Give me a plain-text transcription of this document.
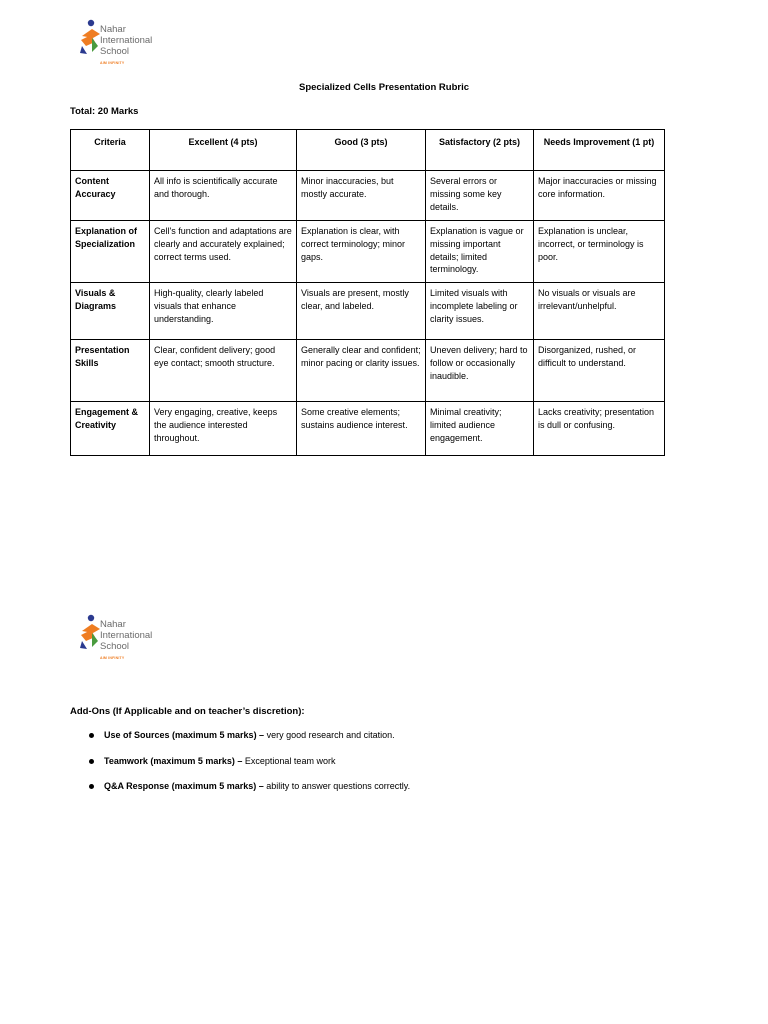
Nahar
International
School
AIM INFINITY
Specialized Cells Presentation Rubric
Total: 20 Marks
Criteria	Excellent (4 pts)	Good (3 pts)	Satisfactory (2 pts)	Needs Improvement (1 pt)
Content Accuracy	All info is scientifically accurate and thorough.	Minor inaccuracies, but mostly accurate.	Several errors or missing some key details.	Major inaccuracies or missing core information.
Explanation of Specialization	Cell's function and adaptations are clearly and accurately explained; correct terms used.	Explanation is clear, with correct terminology; minor gaps.	Explanation is vague or missing important details; limited terminology.	Explanation is unclear, incorrect, or terminology is poor.
Visuals & Diagrams	High-quality, clearly labeled visuals that enhance understanding.	Visuals are present, mostly clear, and labeled.	Limited visuals with incomplete labeling or clarity issues.	No visuals or visuals are irrelevant/unhelpful.
Presentation Skills	Clear, confident delivery; good eye contact; smooth structure.	Generally clear and confident; minor pacing or clarity issues.	Uneven delivery; hard to follow or occasionally inaudible.	Disorganized, rushed, or difficult to understand.
Engagement & Creativity	Very engaging, creative, keeps the audience interested throughout.	Some creative elements; sustains audience interest.	Minimal creativity; limited audience engagement.	Lacks creativity; presentation is dull or confusing.
Nahar
International
School
AIM INFINITY
Add-Ons (If Applicable and on teacher’s discretion):
Use of Sources (maximum 5 marks) – very good research and citation.
Teamwork (maximum 5 marks) – Exceptional team work
Q&A Response (maximum 5 marks) – ability to answer questions correctly.
